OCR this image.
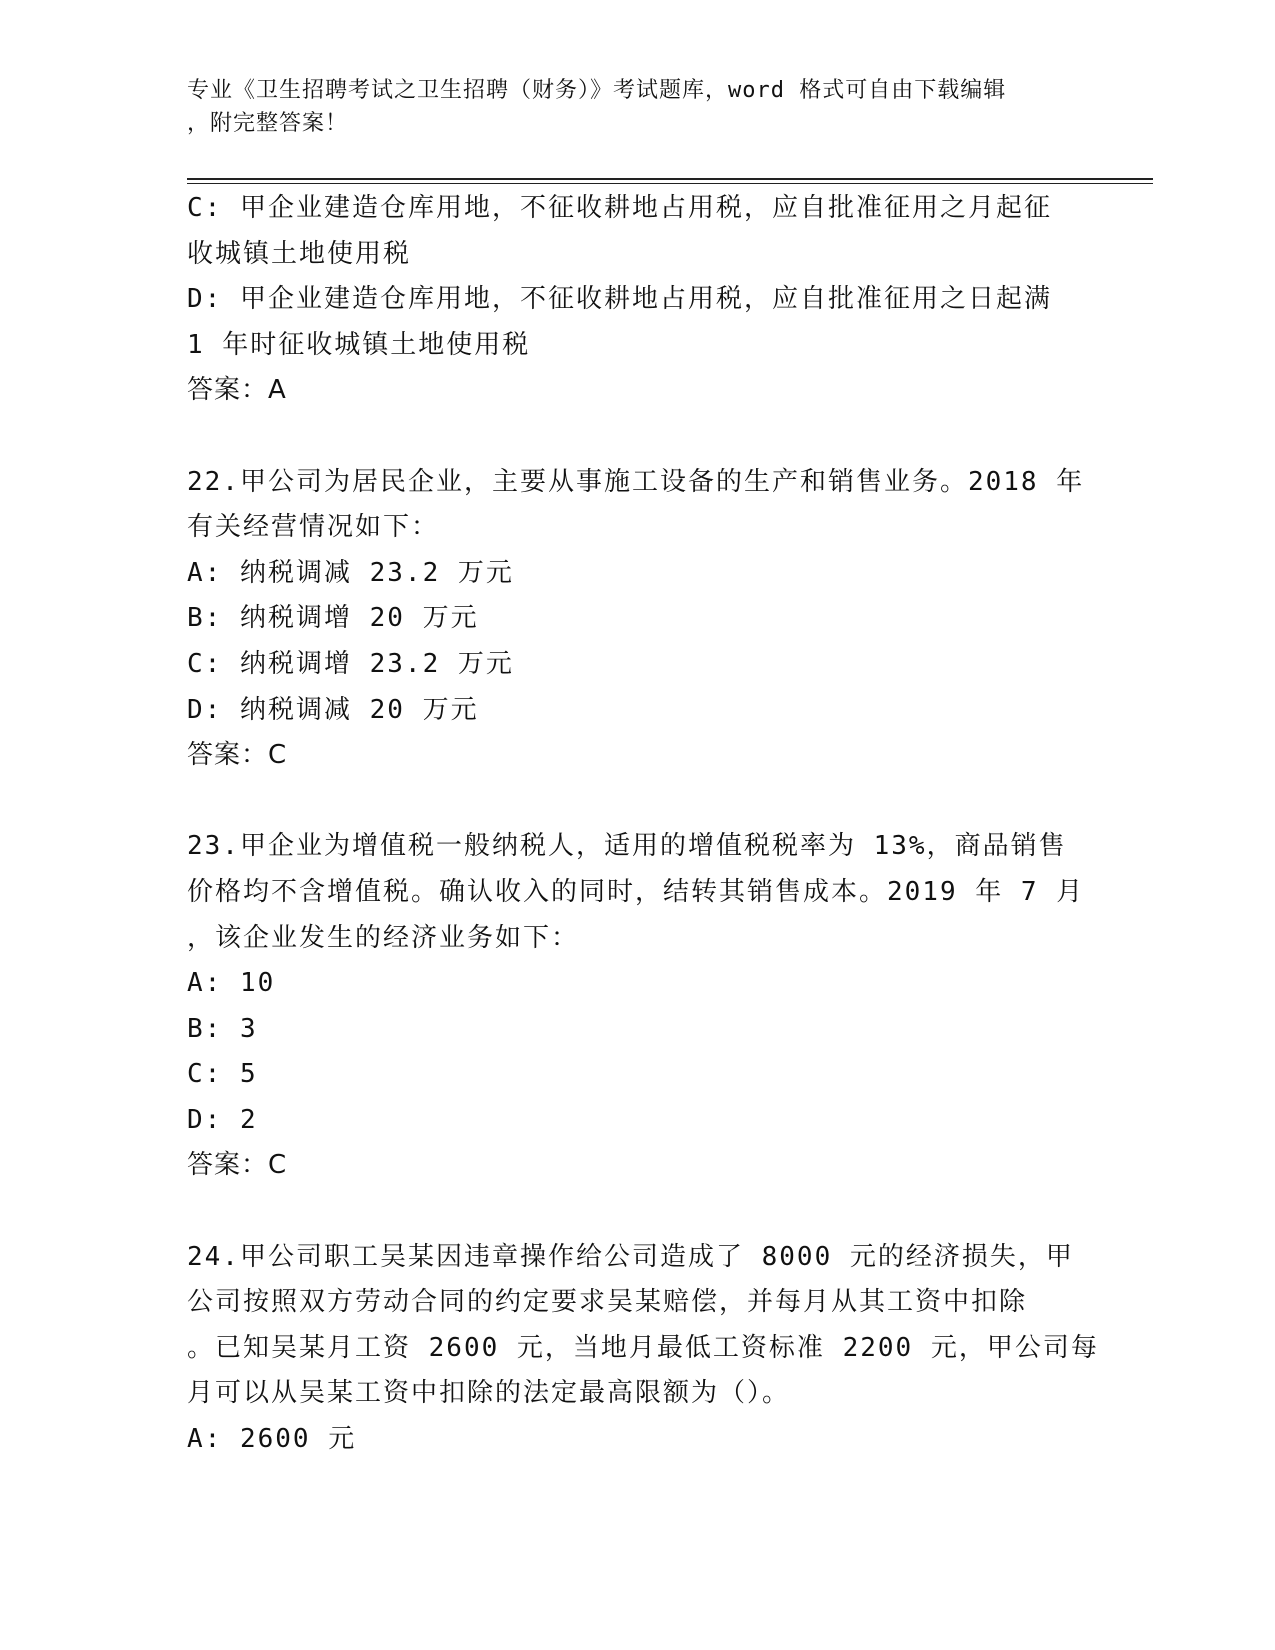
专业《卫生招聘考试之卫生招聘（财务）》考试题库，word 格式可自由下载编辑
，附完整答案！
C: 甲企业建造仓库用地，不征收耕地占用税，应自批准征用之月起征
收城镇土地使用税
D: 甲企业建造仓库用地，不征收耕地占用税，应自批准征用之日起满
1 年时征收城镇土地使用税
答案：A
22.甲公司为居民企业，主要从事施工设备的生产和销售业务。2018 年
有关经营情况如下：
A: 纳税调减 23.2 万元
B: 纳税调增 20 万元
C: 纳税调增 23.2 万元
D: 纳税调减 20 万元
答案：C
23.甲企业为增值税一般纳税人，适用的增值税税率为 13%，商品销售
价格均不含增值税。确认收入的同时，结转其销售成本。2019 年 7 月
，该企业发生的经济业务如下：
A: 10
B: 3
C: 5
D: 2
答案：C
24.甲公司职工吴某因违章操作给公司造成了 8000 元的经济损失，甲
公司按照双方劳动合同的约定要求吴某赔偿，并每月从其工资中扣除
。已知吴某月工资 2600 元，当地月最低工资标准 2200 元，甲公司每
月可以从吴某工资中扣除的法定最高限额为（）。
A: 2600 元
